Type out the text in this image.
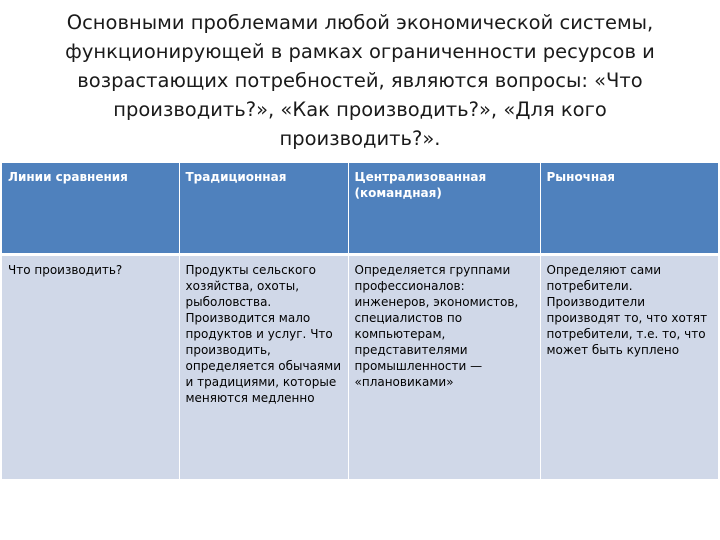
Основными проблемами любой экономической системы,
функционирующей в рамках ограниченности ресурсов и
возрастающих потребностей, являются вопросы: «Что
производить?», «Как производить?», «Для кого
производить?».
Линии сравнения	Традиционная	Централизованная (командная)	Рыночная
Что производить?	Продукты сельского хозяйства, охоты, рыболовства. Производится мало продуктов и услуг. Что производить, определяется обычаями и традициями, которые меняются медленно	Определяется группами профессионалов: инженеров, экономистов, специалистов по компьютерам, представителями промышленности — «плановиками»	Определяют сами потребители. Производители производят то, что хотят потребители, т.е. то, что может быть куплено
